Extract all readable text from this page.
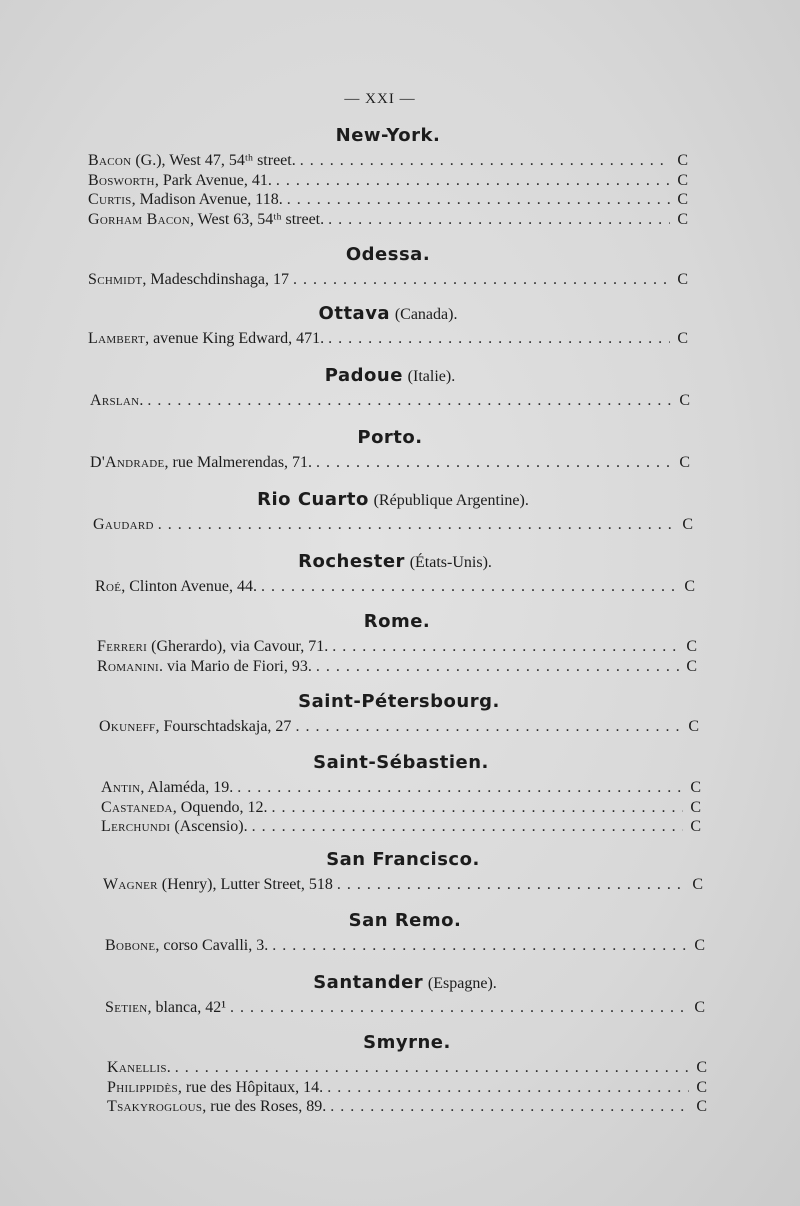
— XXI —
New-York.
Bacon (G.), West 47, 54ᵗʰ street. . . .	C
Bosworth, Park Avenue, 41. . . .	C
Curtis, Madison Avenue, 118. . . .	C
Gorham Bacon, West 63, 54ᵗʰ street. . . .	C
Odessa.
Schmidt, Madeschdinshaga, 17 . . .	C
Ottava (Canada).
Lambert, avenue King Edward, 471. . . .	C
Padoue (Italie).
Arslan. . . .	C
Porto.
D'Andrade, rue Malmerendas, 71. . . .	C
Rio Cuarto (République Argentine).
Gaudard . . .	C
Rochester (États-Unis).
Roé, Clinton Avenue, 44. . . .	C
Rome.
Ferreri (Gherardo), via Cavour, 71. . . .	C
Romanini. via Mario de Fiori, 93. . . .	C
Saint-Pétersbourg.
Okuneff, Fourschtadskaja, 27 . . .	C
Saint-Sébastien.
Antin, Alaméda, 19. . . .	C
Castaneda, Oquendo, 12. . . .	C
Lerchundi (Ascensio). . . .	C
San Francisco.
Wagner (Henry), Lutter Street, 518 . . .	C
San Remo.
Bobone, corso Cavalli, 3. . . .	C
Santander (Espagne).
Setien, blanca, 42¹ . . .	C
Smyrne.
Kanellis. . . .	C
Philippidès, rue des Hôpitaux, 14. . . .	C
Tsakyroglous, rue des Roses, 89. . . .	C
